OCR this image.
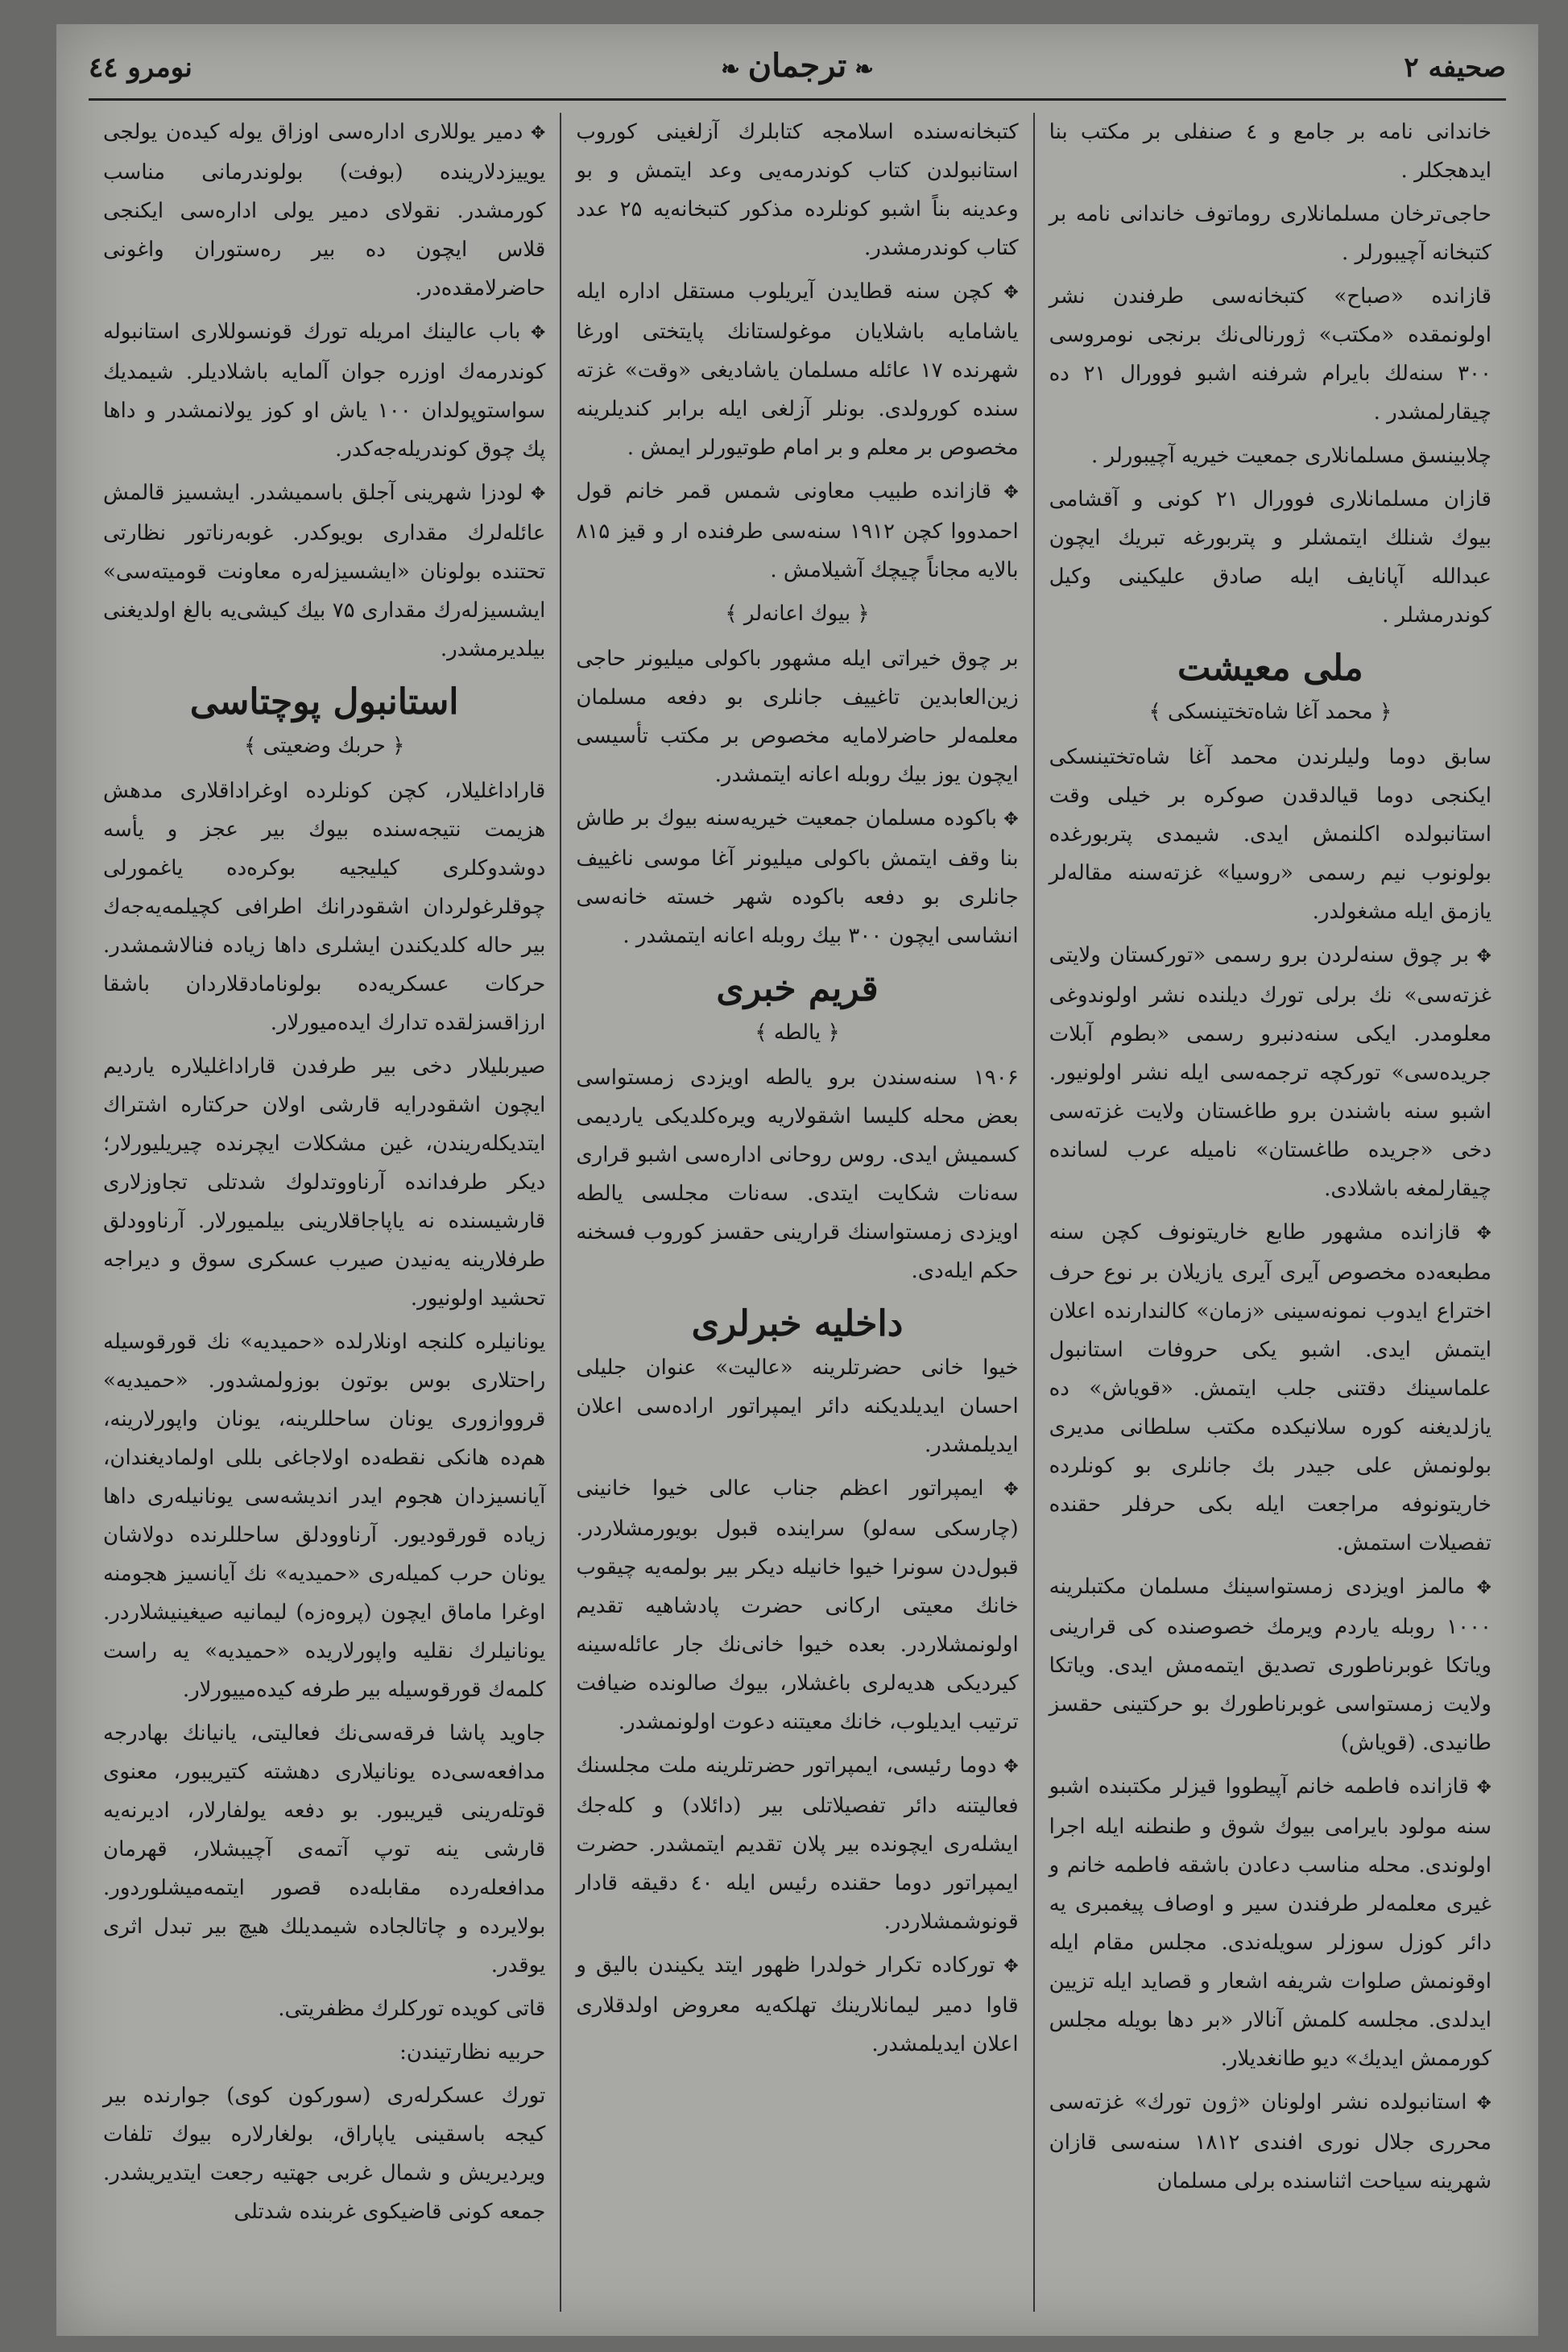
صحیفه ۲
❧ ترجمان ❧
نومرو ٤٤

خاندانی نامه بر جامع و ٤ صنفلی بر مکتب بنا ایدهجکلر .

حاجی‌ترخان مسلمانلاری روماتوف خاندانی نامه بر کتبخانه آچیبورلر .

قازانده «صباح» کتبخانه‌سی طرفندن نشر اولونمقده «مکتب» ژورنالی‌نك برنجی نومروسی ۳۰۰ سنه‌لك بایرام شرفنه اشبو فوورال ۲۱ ده چیقارلمشدر .

چلابینسق مسلمانلاری جمعیت خیریه آچیبورلر .

قازان مسلمانلاری فوورال ۲۱ کونی و آقشامی بیوك شنلك ایتمشلر و پتربورغه تبریك ایچون عبدالله آپانایف ایله صادق علیکینی وکیل کوندرمشلر .

ملی معیشت
﴿ محمد آغا شاه‌تختینسکی ﴾

سابق دوما ولیلرندن محمد آغا شاه‌تختینسکی ایکنجی دوما قیالدقدن صوکره بر خیلی وقت استانبولده اکلنمش ایدی. شیمدی پتربورغده بولونوب نیم رسمی «روسیا» غزته‌سنه مقاله‌لر یازمق ایله مشغولدر.

✥ بر چوق سنه‌لردن برو رسمی «تورکستان ولایتی غزته‌سی» نك برلی تورك دیلنده نشر اولوندوغی معلومدر. ایکی سنه‌دنبرو رسمی «بطوم آبلات جریده‌سی» تورکچه ترجمه‌سی ایله نشر اولونیور. اشبو سنه باشندن برو طاغستان ولایت غزته‌سی دخی «جریده طاغستان» نامیله عرب لسانده چیقارلمغه باشلادی.

✥ قازانده مشهور طابع خاریتونوف کچن سنه مطبعه‌ده مخصوص آیری آیری یازیلان بر نوع حرف اختراع ایدوب نمونه‌سینی «زمان» کالندارنده اعلان ایتمش ایدی. اشبو یکی حروفات استانبول علماسینك دقتنی جلب ایتمش. «قویاش» ده یازلدیغنه کوره سلانیکده مکتب سلطانی مدیری بولونمش علی جیدر بك جانلری بو کونلرده خاریتونوفه مراجعت ایله بکی حرفلر حقنده تفصیلات استمش.

✥ مالمز اویزدی زمستواسینك مسلمان مکتبلرینه ۱۰۰۰ روبله یاردم ویرمك خصوصنده کی قرارینی ویاتکا غوبرناطوری تصدیق ایتمه‌مش ایدی. ویاتکا ولایت زمستواسی غوبرناطورك بو حرکتینی حقسز طانیدی. (قویاش)

✥ قازانده فاطمه خانم آپیطووا قیزلر مکتبنده اشبو سنه مولود بایرامی بیوك شوق و طنطنه ایله اجرا اولوندی. محله مناسب دعادن باشقه فاطمه خانم و غیری معلمه‌لر طرفندن سیر و اوصاف پیغمبری یه دائر کوزل سوزلر سویله‌ندی. مجلس مقام ایله اوقونمش صلوات شریفه اشعار و قصاید ایله تزیین ایدلدی. مجلسه کلمش آنالار «بر دها بویله مجلس کورممش ایدیك» دیو طانغدیلار.

✥ استانبولده نشر اولونان «ژون تورك» غزته‌سی محرری جلال نوری افندی ۱۸۱۲ سنه‌سی قازان شهرینه سیاحت اثناسنده برلی مسلمان

کتبخانه‌سنده اسلامجه کتابلرك آزلغینی کوروب استانبولدن کتاب کوندرمه‌یی وعد ایتمش و بو وعدینه بناً اشبو کونلرده مذکور کتبخانه‌یه ۲۵ عدد کتاب کوندرمشدر.

✥ کچن سنه قطایدن آیریلوب مستقل اداره ایله یاشامایه باشلایان موغولستانك پایتختی اورغا شهرنده ۱۷ عائله مسلمان یاشادیغی «وقت» غزته سنده کورولدی. بونلر آزلغی ایله برابر کندیلرینه مخصوص بر معلم و بر امام طوتیورلر ایمش .

✥ قازانده طبیب معاونی شمس قمر خانم قول احمدووا کچن ۱۹۱۲ سنه‌سی طرفنده ار و قیز ۸۱۵ بالایه مجاناً چیچك آشیلامش .

﴿ بیوك اعانه‌لر ﴾

بر چوق خیراتی ایله مشهور باکولی میلیونر حاجی زین‌العابدین تاغییف جانلری بو دفعه مسلمان معلمه‌لر حاضرلامایه مخصوص بر مکتب تأسیسی ایچون یوز بیك روبله اعانه ایتمشدر.

✥ باکوده مسلمان جمعیت خیریه‌سنه بیوك بر طاش بنا وقف ایتمش باکولی میلیونر آغا موسی ناغییف جانلری بو دفعه باکوده شهر خسته خانه‌سی انشاسی ایچون ۳۰۰ بیك روبله اعانه ایتمشدر .

قریم خبری
﴿ یالطه ﴾

۱۹۰۶ سنه‌سندن برو یالطه اویزدی زمستواسی بعض محله کلیسا اشقولاریه ویره‌کلدیکی یاردیمی کسمیش ایدی. روس روحانی اداره‌سی اشبو قراری سه‌نات شکایت ایتدی. سه‌نات مجلسی یالطه اویزدی زمستواسنك قرارینی حقسز کوروب فسخنه حکم ایله‌دی.

داخلیه خبرلری

خیوا خانی حضرتلرینه «عالیت» عنوان جلیلی احسان ایدیلدیکنه دائر ایمپراتور اراده‌سی اعلان ایدیلمشدر.

✥ ایمپراتور اعظم جناب عالی خیوا خانینی (چارسکی سه‌لو) سراینده قبول بویورمشلاردر. قبول‌دن سونرا خیوا خانیله دیکر بیر بولمه‌یه چیقوب خانك معیتی ارکانی حضرت پادشاهیه تقدیم اولونمشلاردر. بعده خیوا خانی‌نك جار عائله‌سینه کیردیکی هدیه‌لری باغشلار، بیوك صالونده ضیافت ترتیب ایدیلوب، خانك معیتنه دعوت اولونمشدر.

✥ دوما رئیسی، ایمپراتور حضرتلرینه ملت مجلسنك فعالیتنه دائر تفصیلاتلی بیر (دائلاد) و کله‌جك ایشله‌ری ایچونده بیر پلان تقدیم ایتمشدر. حضرت ایمپراتور دوما حقنده رئیس ایله ٤۰ دقیقه قادار قونوشمشلاردر.

✥ تورکاده تکرار خولدرا ظهور ایتد یکیندن بالیق و قاوا دمیر لیمانلارینك تهلکه‌یه معروض اولدقلاری اعلان ایدیلمشدر.

✥ دمیر یوللاری اداره‌سی اوزاق یوله کیده‌ن یولجی یوییزدلارینده (بوفت) بولوندرمانی مناسب کورمشدر. نقولای دمیر یولی اداره‌سی ایکنجی قلاس ایچون ده بیر ره‌ستوران واغونی حاضرلامقده‌در.

✥ باب عالینك امریله تورك قونسوللاری استانبوله کوندرمه‌ك اوزره جوان آلمایه باشلادیلر. شیمدیك سواستوپولدان ۱۰۰ یاش او کوز یولانمشدر و داها پك چوق کوندریله‌جه‌کدر.

✥ لودزا شهرینی آجلق باسمیشدر. ایشسیز قالمش عائله‌لرك مقداری بویوکدر. غوبه‌رناتور نظارتی تحتنده بولونان «ایشسیزله‌ره معاونت قومیته‌سی» ایشسیزله‌رك مقداری ۷۵ بیك کیشی‌یه بالغ اولدیغنی بیلدیرمشدر.

استانبول پوچتاسی
﴿ حربك وضعیتی ﴾

قاراداغلیلار، کچن کونلرده اوغراداقلاری مدهش هزیمت نتیجه‌سنده بیوك بیر عجز و یأسه دوشدوکلری کیلیجیه بوکره‌ده یاغمورلی چوقلرغولردان اشقودرانك اطرافی کچیلمه‌یه‌جه‌ك بیر حاله کلدیکندن ایشلری داها زیاده فنالاشمشدر. حرکات عسکریه‌ده بولونامادقلاردان باشقا ارزاقسزلقده تدارك ایده‌میورلار.

صیربلیلار دخی بیر طرفدن قاراداغلیلاره یاردیم ایچون اشقودرایه قارشی اولان حرکتاره اشتراك ایتدیکله‌ریندن، غین مشکلات ایچرنده چیریلیورلار؛ دیکر طرفدانده آرناووتدلوك شدتلی تجاوزلاری قارشیسنده نه یاپاجاقلارینی بیلمیورلار. آرناوودلق طرفلارینه یه‌نیدن صیرب عسکری سوق و دیراجه تحشید اولونیور.

یونانیلره کلنجه اونلارلده «حمیدیه» نك قورقوسیله راحتلاری بوس بوتون بوزولمشدور. «حمیدیه» قرووازوری یونان ساحللرینه، یونان واپورلارینه، هم‌ده هانکی نقطه‌ده اولاجاغی بللی اولمادیغندان، آیانسیزدان هجوم ایدر اندیشه‌سی یونانیله‌ری داها زیاده قورقودیور. آرناوودلق ساحللرنده دولاشان یونان حرب کمیله‌ری «حمیدیه» نك آیانسیز هجومنه اوغرا ماماق ایچون (پروه‌زه) لیمانیه صیغینیشلاردر. یونانیلرك نقلیه واپورلاریده «حمیدیه» یه راست کلمه‌ك قورقوسیله بیر طرفه کیده‌مییورلار.

جاوید پاشا فرقه‌سی‌نك فعالیتی، یانیانك بهادرجه مدافعه‌سی‌ده یونانیلاری دهشته کتیریبور، معنوی قوتله‌رینی قیریبور. بو دفعه یولفارلار، ادیرنه‌یه قارشی ینه توپ آتمه‌ی آچیبشلار، قهرمان مدافعله‌رده مقابله‌ده قصور ایتمه‌میشلوردور. بولایرده و چاتالجاده شیمدیلك هیچ بیر تبدل اثری یوقدر.

قاتی کویده تورکلرك مظفریتی.

حربیه نظارتیندن:

تورك عسکرله‌ری (سوركون کوی) جوارنده بیر کیجه باسقینی یاپاراق، بولغارلاره بیوك تلفات ویردیریش و شمال غربی جهتیه رجعت ایتدیریشدر. جمعه کونی قاضیکوی غربنده شدتلی
